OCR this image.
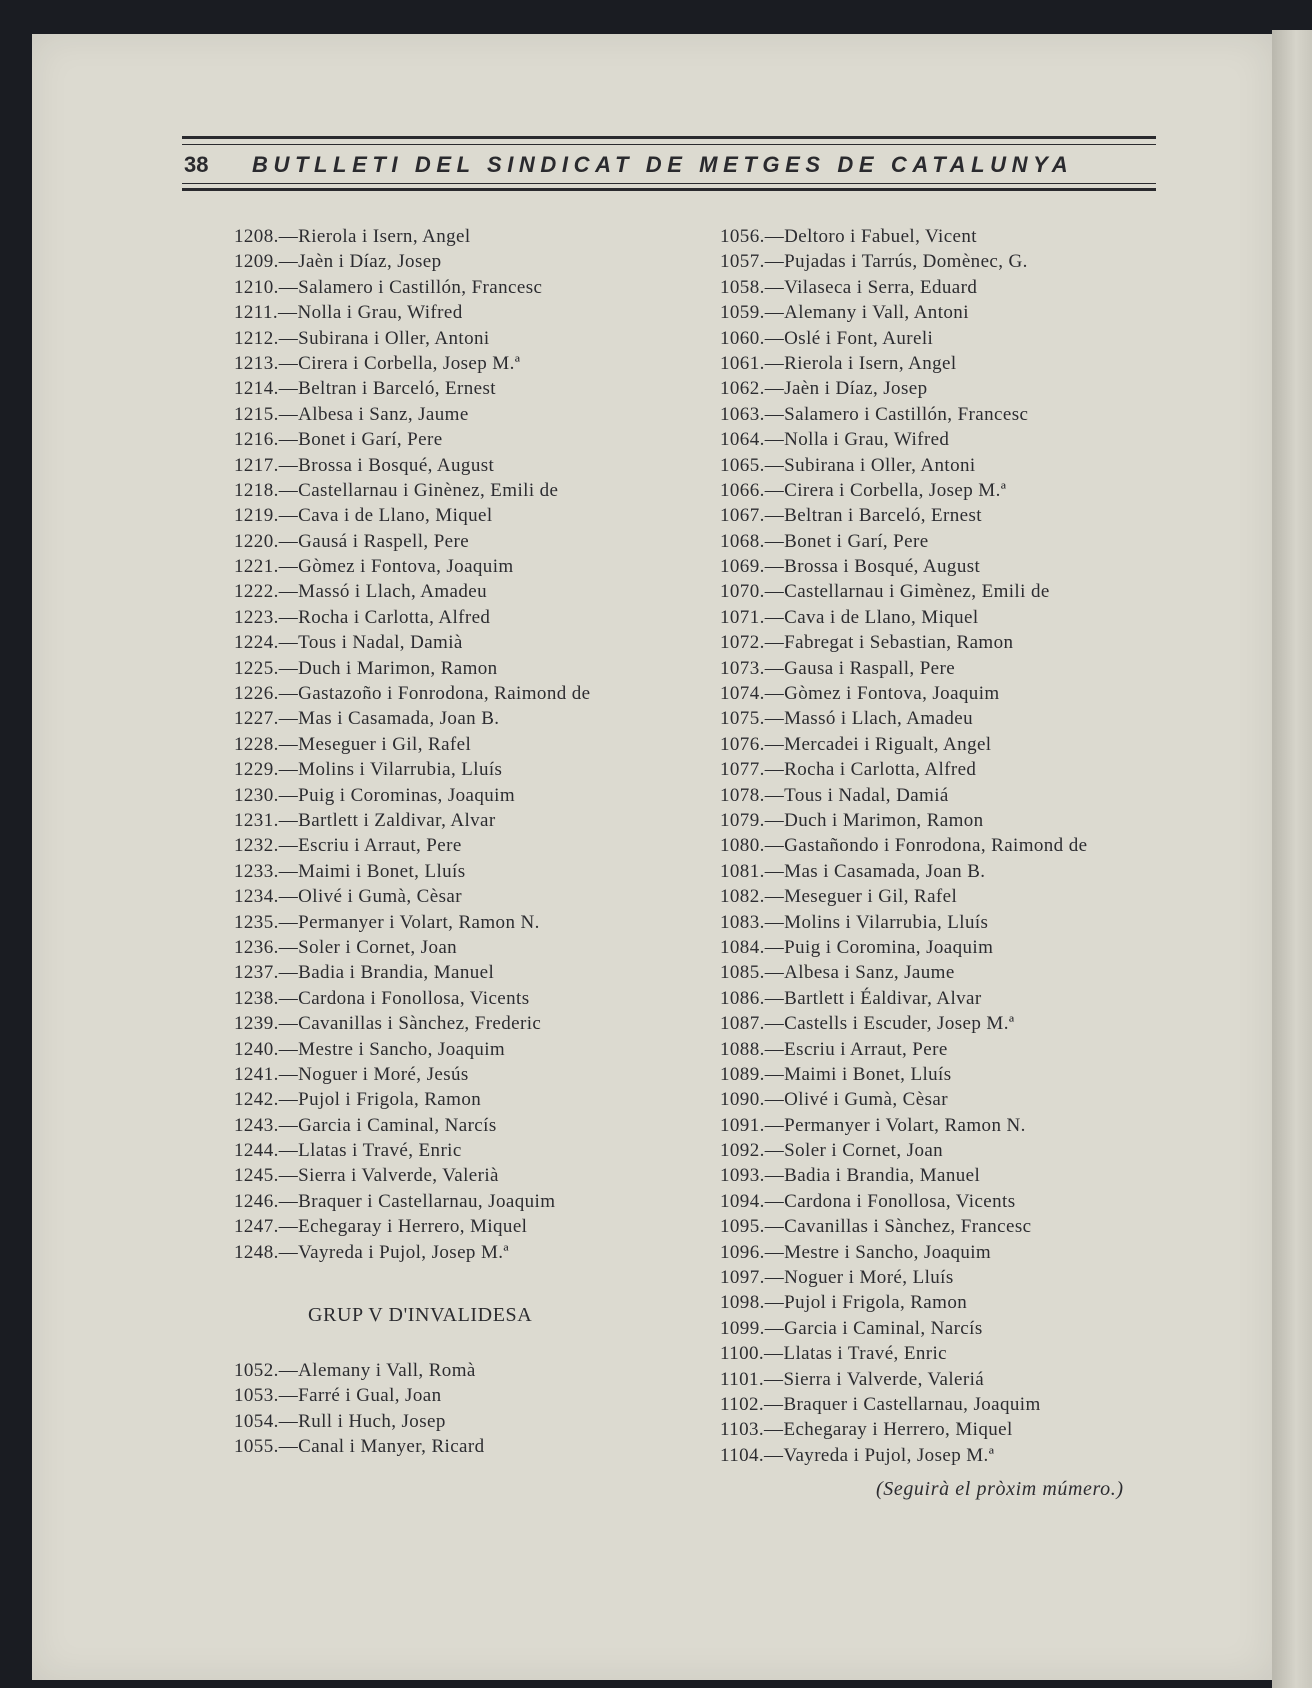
38 BUTLLETI DEL SINDICAT DE METGES DE CATALUNYA
1208.—Rierola i Isern, Angel
1209.—Jaèn i Díaz, Josep
1210.—Salamero i Castillón, Francesc
1211.—Nolla i Grau, Wifred
1212.—Subirana i Oller, Antoni
1213.—Cirera i Corbella, Josep M.ª
1214.—Beltran i Barceló, Ernest
1215.—Albesa i Sanz, Jaume
1216.—Bonet i Garí, Pere
1217.—Brossa i Bosqué, August
1218.—Castellarnau i Ginènez, Emili de
1219.—Cava i de Llano, Miquel
1220.—Gausá i Raspell, Pere
1221.—Gòmez i Fontova, Joaquim
1222.—Massó i Llach, Amadeu
1223.—Rocha i Carlotta, Alfred
1224.—Tous i Nadal, Damià
1225.—Duch i Marimon, Ramon
1226.—Gastazoño i Fonrodona, Raimond de
1227.—Mas i Casamada, Joan B.
1228.—Meseguer i Gil, Rafel
1229.—Molins i Vilarrubia, Lluís
1230.—Puig i Corominas, Joaquim
1231.—Bartlett i Zaldivar, Alvar
1232.—Escriu i Arraut, Pere
1233.—Maimi i Bonet, Lluís
1234.—Olivé i Gumà, Cèsar
1235.—Permanyer i Volart, Ramon N.
1236.—Soler i Cornet, Joan
1237.—Badia i Brandia, Manuel
1238.—Cardona i Fonollosa, Vicents
1239.—Cavanillas i Sànchez, Frederic
1240.—Mestre i Sancho, Joaquim
1241.—Noguer i Moré, Jesús
1242.—Pujol i Frigola, Ramon
1243.—Garcia i Caminal, Narcís
1244.—Llatas i Travé, Enric
1245.—Sierra i Valverde, Valerià
1246.—Braquer i Castellarnau, Joaquim
1247.—Echegaray i Herrero, Miquel
1248.—Vayreda i Pujol, Josep M.ª
GRUP V D'INVALIDESA
1052.—Alemany i Vall, Romà
1053.—Farré i Gual, Joan
1054.—Rull i Huch, Josep
1055.—Canal i Manyer, Ricard
1056.—Deltoro i Fabuel, Vicent
1057.—Pujadas i Tarrús, Domènec, G.
1058.—Vilaseca i Serra, Eduard
1059.—Alemany i Vall, Antoni
1060.—Oslé i Font, Aureli
1061.—Rierola i Isern, Angel
1062.—Jaèn i Díaz, Josep
1063.—Salamero i Castillón, Francesc
1064.—Nolla i Grau, Wifred
1065.—Subirana i Oller, Antoni
1066.—Cirera i Corbella, Josep M.ª
1067.—Beltran i Barceló, Ernest
1068.—Bonet i Garí, Pere
1069.—Brossa i Bosqué, August
1070.—Castellarnau i Gimènez, Emili de
1071.—Cava i de Llano, Miquel
1072.—Fabregat i Sebastian, Ramon
1073.—Gausa i Raspall, Pere
1074.—Gòmez i Fontova, Joaquim
1075.—Massó i Llach, Amadeu
1076.—Mercadei i Rigualt, Angel
1077.—Rocha i Carlotta, Alfred
1078.—Tous i Nadal, Damiá
1079.—Duch i Marimon, Ramon
1080.—Gastañondo i Fonrodona, Raimond de
1081.—Mas i Casamada, Joan B.
1082.—Meseguer i Gil, Rafel
1083.—Molins i Vilarrubia, Lluís
1084.—Puig i Coromina, Joaquim
1085.—Albesa i Sanz, Jaume
1086.—Bartlett i Éaldivar, Alvar
1087.—Castells i Escuder, Josep M.ª
1088.—Escriu i Arraut, Pere
1089.—Maimi i Bonet, Lluís
1090.—Olivé i Gumà, Cèsar
1091.—Permanyer i Volart, Ramon N.
1092.—Soler i Cornet, Joan
1093.—Badia i Brandia, Manuel
1094.—Cardona i Fonollosa, Vicents
1095.—Cavanillas i Sànchez, Francesc
1096.—Mestre i Sancho, Joaquim
1097.—Noguer i Moré, Lluís
1098.—Pujol i Frigola, Ramon
1099.—Garcia i Caminal, Narcís
1100.—Llatas i Travé, Enric
1101.—Sierra i Valverde, Valeriá
1102.—Braquer i Castellarnau, Joaquim
1103.—Echegaray i Herrero, Miquel
1104.—Vayreda i Pujol, Josep M.ª
(Seguirà el pròxim múmero.)
